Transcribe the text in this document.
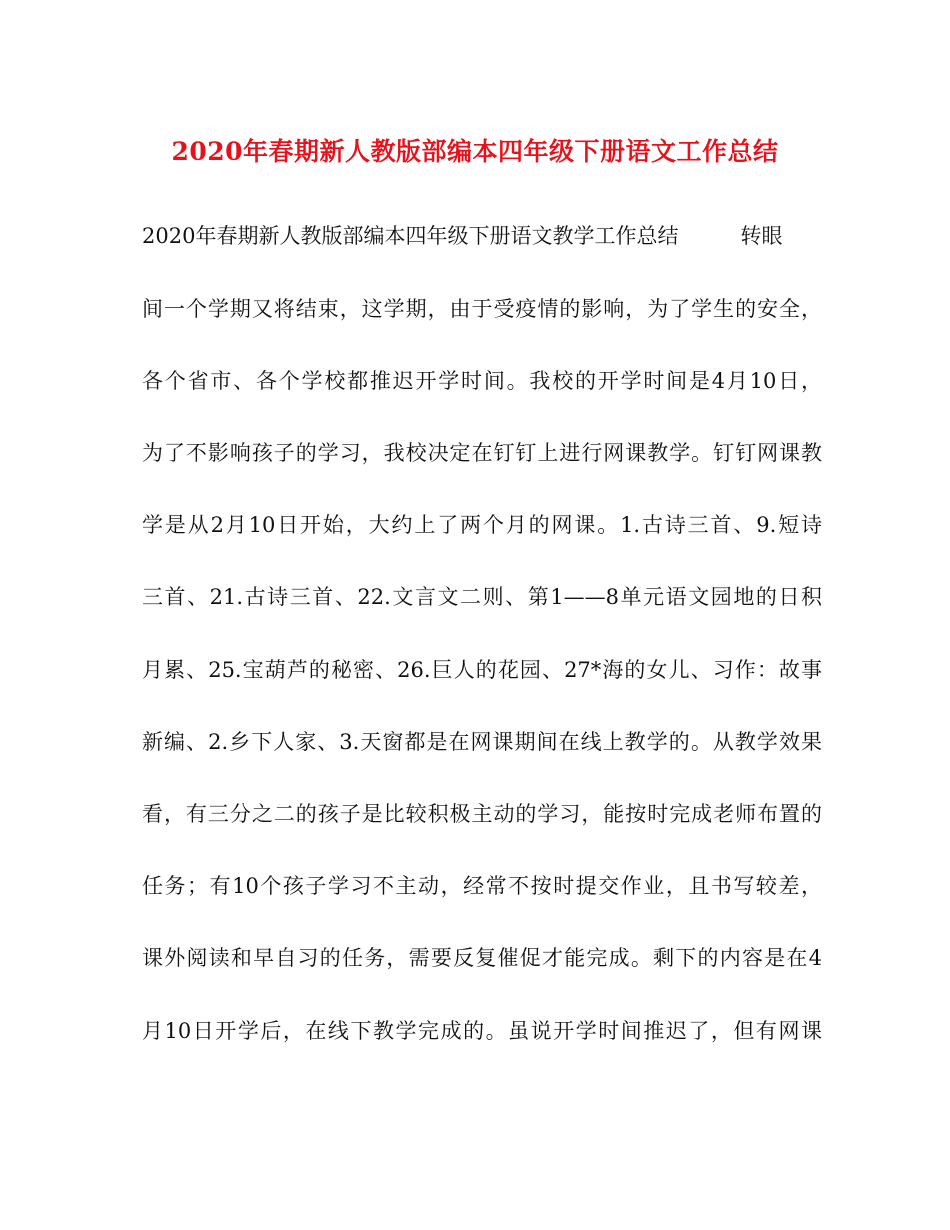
2020年春期新人教版部编本四年级下册语文工作总结
2020年春期新人教版部编本四年级下册语文教学工作总结	转眼
间一个学期又将结束，这学期，由于受疫情的影响，为了学生的安全，
各个省市、各个学校都推迟开学时间。我校的开学时间是4月10日，
为了不影响孩子的学习，我校决定在钉钉上进行网课教学。钉钉网课教
学是从2月10日开始，大约上了两个月的网课。1.古诗三首、9.短诗
三首、21.古诗三首、22.文言文二则、第1——8单元语文园地的日积
月累、25.宝葫芦的秘密、26.巨人的花园、27*海的女儿、习作：故事
新编、2.乡下人家、3.天窗都是在网课期间在线上教学的。从教学效果
看，有三分之二的孩子是比较积极主动的学习，能按时完成老师布置的
任务；有10个孩子学习不主动，经常不按时提交作业，且书写较差，
课外阅读和早自习的任务，需要反复催促才能完成。剩下的内容是在4
月10日开学后，在线下教学完成的。虽说开学时间推迟了，但有网课
